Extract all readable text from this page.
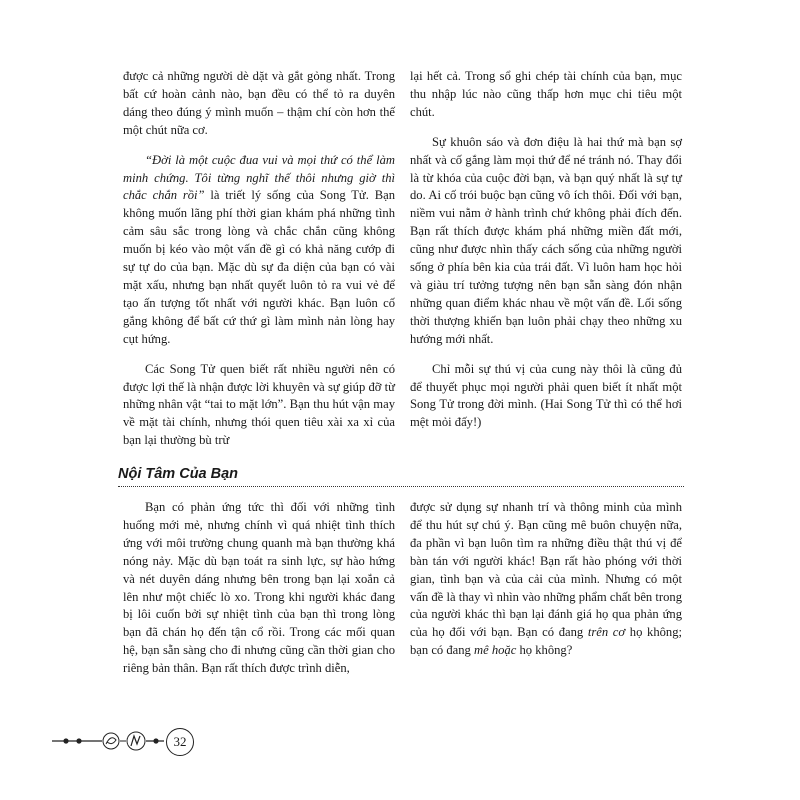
được cả những người dè dặt và gắt gỏng nhất. Trong bất cứ hoàn cảnh nào, bạn đều có thể tỏ ra duyên dáng theo đúng ý mình muốn – thậm chí còn hơn thế một chút nữa cơ.

“Đời là một cuộc đua vui và mọi thứ có thể làm minh chứng. Tôi từng nghĩ thế thôi nhưng giờ thì chắc chắn rồi” là triết lý sống của Song Tử. Bạn không muốn lãng phí thời gian khám phá những tình cảm sâu sắc trong lòng và chắc chắn cũng không muốn bị kéo vào một vấn đề gì có khả năng cướp đi sự tự do của bạn. Mặc dù sự đa diện của bạn có vài mặt xấu, nhưng bạn nhất quyết luôn tỏ ra vui vẻ để tạo ấn tượng tốt nhất với người khác. Bạn luôn cố gắng không để bất cứ thứ gì làm mình nản lòng hay cụt hứng.

Các Song Tử quen biết rất nhiều người nên có được lợi thế là nhận được lời khuyên và sự giúp đỡ từ những nhân vật “tai to mặt lớn”. Bạn thu hút vận may về mặt tài chính, nhưng thói quen tiêu xài xa xỉ của bạn lại thường bù trừ

lại hết cả. Trong sổ ghi chép tài chính của bạn, mục thu nhập lúc nào cũng thấp hơn mục chi tiêu một chút.

Sự khuôn sáo và đơn điệu là hai thứ mà bạn sợ nhất và cố gắng làm mọi thứ để né tránh nó. Thay đổi là từ khóa của cuộc đời bạn, và bạn quý nhất là sự tự do. Ai cố trói buộc bạn cũng vô ích thôi. Đối với bạn, niềm vui nằm ở hành trình chứ không phải đích đến. Bạn rất thích được khám phá những miền đất mới, cũng như được nhìn thấy cách sống của những người sống ở phía bên kia của trái đất. Vì luôn ham học hỏi và giàu trí tưởng tượng nên bạn sẵn sàng đón nhận những quan điểm khác nhau về một vấn đề. Lối sống thời thượng khiến bạn luôn phải chạy theo những xu hướng mới nhất.

Chỉ mỗi sự thú vị của cung này thôi là cũng đủ để thuyết phục mọi người phải quen biết ít nhất một Song Tử trong đời mình. (Hai Song Tử thì có thể hơi mệt mỏi đấy!)

Nội Tâm Của Bạn

Bạn có phản ứng tức thì đối với những tình huống mới mẻ, nhưng chính vì quá nhiệt tình thích ứng với môi trường chung quanh mà bạn thường khá nóng nảy. Mặc dù bạn toát ra sinh lực, sự hào hứng và nét duyên dáng nhưng bên trong bạn lại xoắn cả lên như một chiếc lò xo. Trong khi người khác đang bị lôi cuốn bởi sự nhiệt tình của bạn thì trong lòng bạn đã chán họ đến tận cổ rồi. Trong các mối quan hệ, bạn sẵn sàng cho đi nhưng cũng cần thời gian cho riêng bản thân. Bạn rất thích được trình diễn,

được sử dụng sự nhanh trí và thông minh của mình để thu hút sự chú ý. Bạn cũng mê buôn chuyện nữa, đa phần vì bạn luôn tìm ra những điều thật thú vị để bàn tán với người khác! Bạn rất hào phóng với thời gian, tình bạn và của cải của mình. Nhưng có một vấn đề là thay vì nhìn vào những phẩm chất bên trong của người khác thì bạn lại đánh giá họ qua phản ứng của họ đối với bạn. Bạn có đang trên cơ họ không; bạn có đang mê hoặc họ không?

32
